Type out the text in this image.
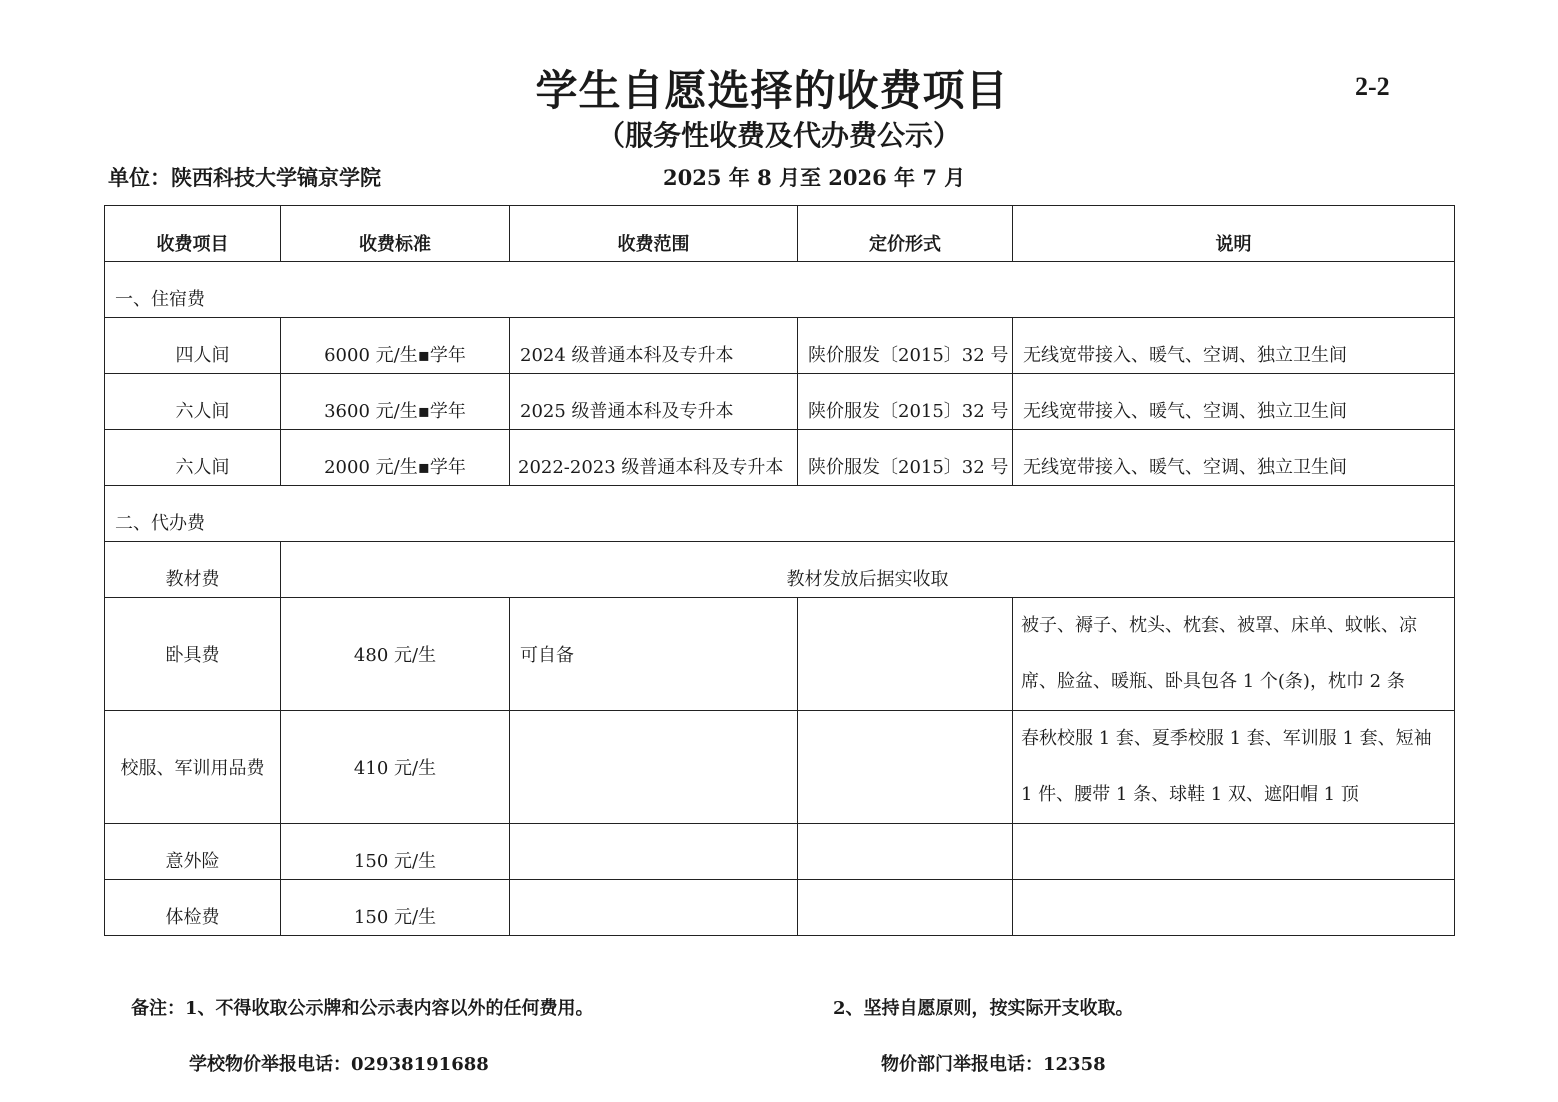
学生自愿选择的收费项目	2-2
（服务性收费及代办费公示）
单位：陕西科技大学镐京学院	2025 年 8 月至 2026 年 7 月
收费项目	收费标准	收费范围	定价形式	说明
一、住宿费				
四人间	6000 元/生▪学年	2024 级普通本科及专升本	陕价服发〔2015〕32 号	无线宽带接入、暖气、空调、独立卫生间
六人间	3600 元/生▪学年	2025 级普通本科及专升本	陕价服发〔2015〕32 号	无线宽带接入、暖气、空调、独立卫生间
六人间	2000 元/生▪学年	2022-2023 级普通本科及专升本	陕价服发〔2015〕32 号	无线宽带接入、暖气、空调、独立卫生间
二、代办费				
教材费	教材发放后据实收取			
卧具费	480 元/生	可自备		被子、褥子、枕头、枕套、被罩、床单、蚊帐、凉
席、脸盆、暖瓶、卧具包各 1 个(条)，枕巾 2 条

校服、军训用品费	410 元/生			春秋校服 1 套、夏季校服 1 套、军训服 1 套、短袖
1 件、腰带 1 条、球鞋 1 双、遮阳帽 1 顶

意外险	150 元/生			
体检费	150 元/生			
备注：1、不得收取公示牌和公示表内容以外的任何费用。	2、坚持自愿原则，按实际开支收取。
学校物价举报电话：02938191688	物价部门举报电话：12358
